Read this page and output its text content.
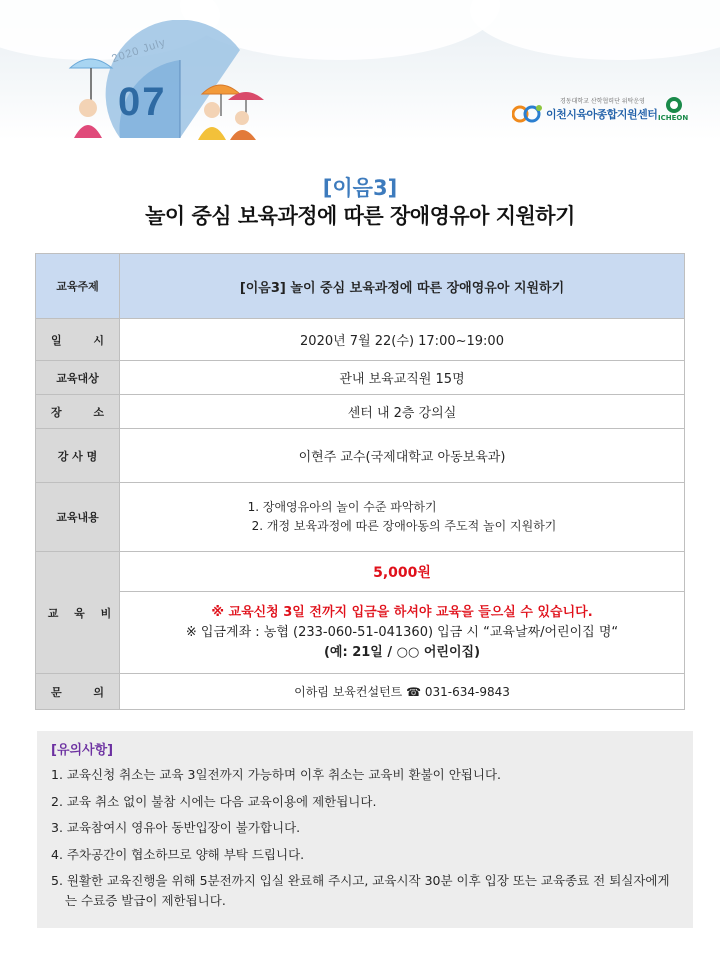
2020 July
07	경동대학교 산학협력단 위탁운영
이천시육아종합지원센터 ICHEON
[이음3]
놀이 중심 보육과정에 따른 장애영유아 지원하기
교육주제	[이음3] 놀이 중심 보육과정에 따른 장애영유아 지원하기
일 시	2020년 7월 22(수) 17:00~19:00
교육대상	관내 보육교직원 15명
장 소	센터 내 2층 강의실
강 사 명	이현주 교수(국제대학교 아동보육과)
교육내용	1. 장애영유아의 놀이 수준 파악하기
2. 개정 보육과정에 따른 장애아동의 주도적 놀이 지원하기

교 육 비	5,000원

	※ 교육신청 3일 전까지 입금을 하셔야 교육을 들으실 수 있습니다.
※ 입금계좌 : 농협 (233-060-51-041360) 입금 시 “교육날짜/어린이집 명“
(예: 21일 / ○○ 어린이집)

문 의	이하림 보육컨설턴트 ☎ 031-634-9843
[유의사항]
1. 교육신청 취소는 교육 3일전까지 가능하며 이후 취소는 교육비 환불이 안됩니다.
2. 교육 취소 없이 불참 시에는 다음 교육이용에 제한됩니다.
3. 교육참여시 영유아 동반입장이 불가합니다.
4. 주차공간이 협소하므로 양해 부탁 드립니다.
5. 원활한 교육진행을 위해 5분전까지 입실 완료해 주시고, 교육시작 30분 이후 입장 또는 교육종료 전 퇴실자에게는 수료증 발급이 제한됩니다.
